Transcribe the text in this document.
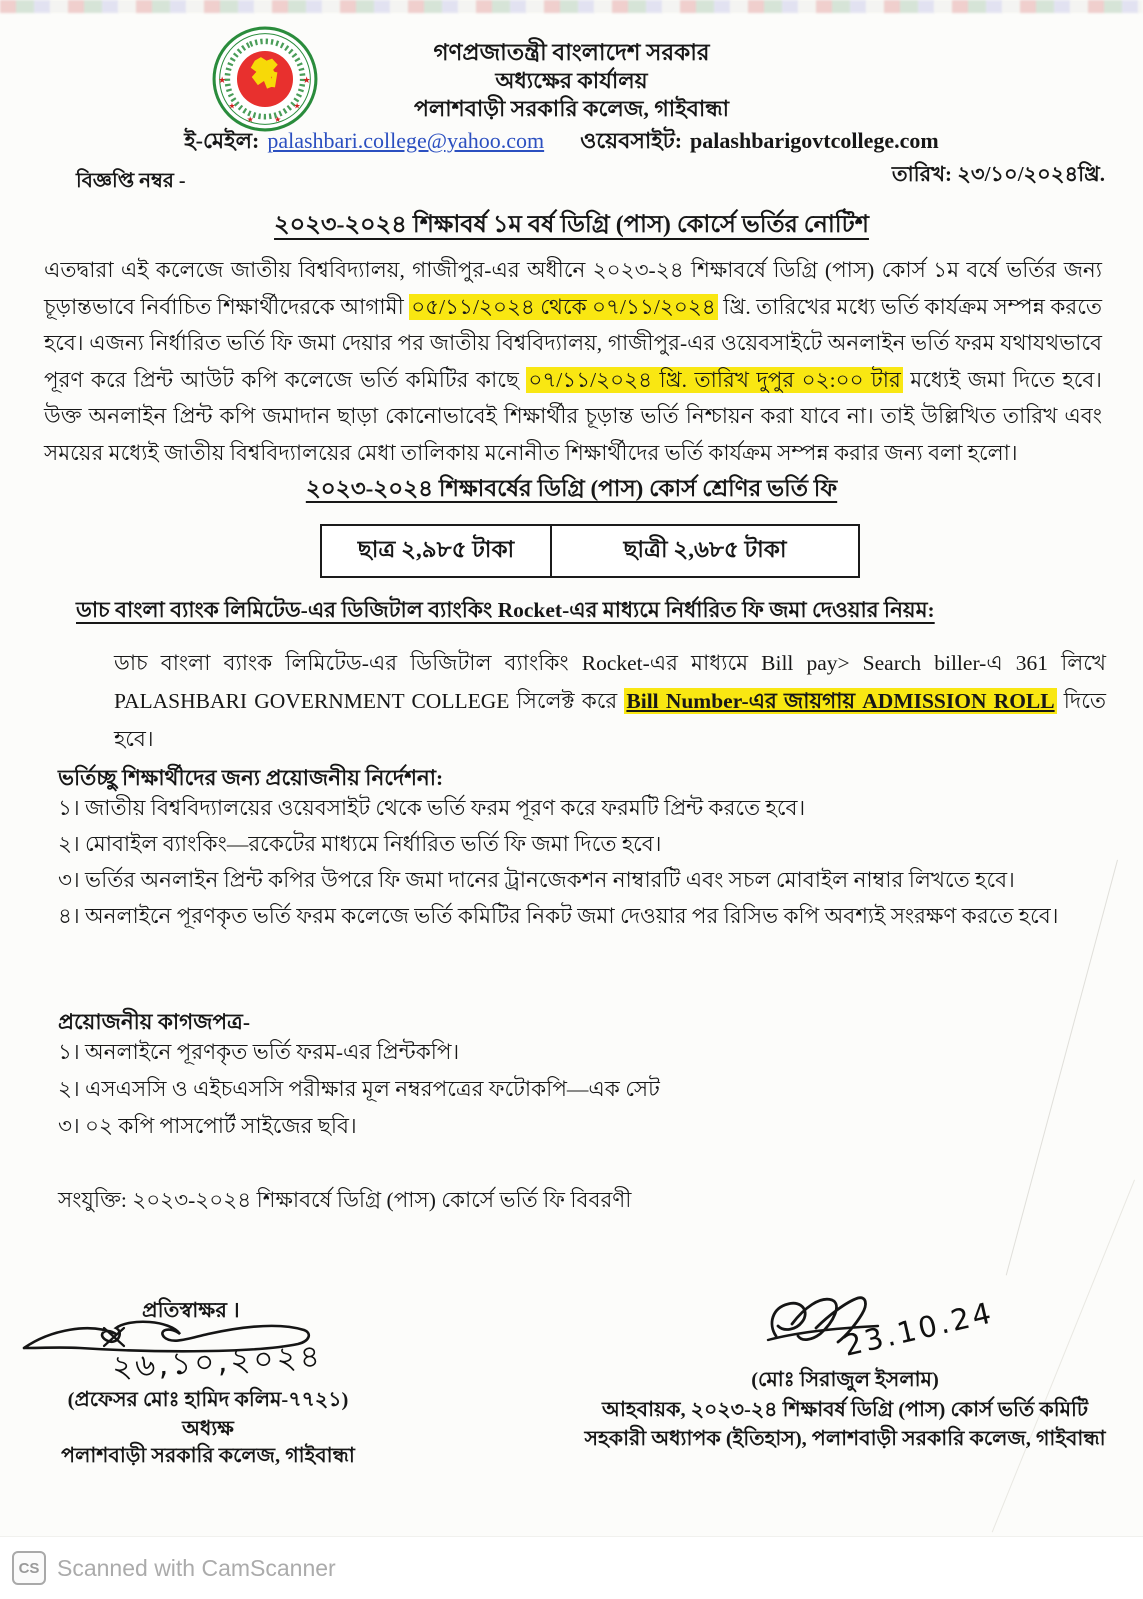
★	★
★	★
★	★
গণপ্রজাতন্ত্রী বাংলাদেশ সরকার
অধ্যক্ষের কার্যালয়
পলাশবাড়ী সরকারি কলেজ, গাইবান্ধা
ই-মেইল: palashbari.college@yahoo.com ওয়েবসাইট: palashbarigovtcollege.com
বিজ্ঞপ্তি নম্বর -	তারিখ: ২৩/১০/২০২৪খ্রি.
২০২৩-২০২৪ শিক্ষাবর্ষ ১ম বর্ষ ডিগ্রি (পাস) কোর্সে ভর্তির নোটিশ

এতদ্বারা এই কলেজে জাতীয় বিশ্ববিদ্যালয়, গাজীপুর-এর অধীনে ২০২৩-২৪ শিক্ষাবর্ষে ডিগ্রি (পাস) কোর্স ১ম বর্ষে ভর্তির জন্য চূড়ান্তভাবে নির্বাচিত শিক্ষার্থীদেরকে আগামী ০৫/১১/২০২৪ থেকে ০৭/১১/২০২৪ খ্রি. তারিখের মধ্যে ভর্তি কার্যক্রম সম্পন্ন করতে হবে। এজন্য নির্ধারিত ভর্তি ফি জমা দেয়ার পর জাতীয় বিশ্ববিদ্যালয়, গাজীপুর-এর ওয়েবসাইটে অনলাইন ভর্তি ফরম যথাযথভাবে পূরণ করে প্রিন্ট আউট কপি কলেজে ভর্তি কমিটির কাছে ০৭/১১/২০২৪ খ্রি. তারিখ দুপুর ০২:০০ টার মধ্যেই জমা দিতে হবে। উক্ত অনলাইন প্রিন্ট কপি জমাদান ছাড়া কোনোভাবেই শিক্ষার্থীর চূড়ান্ত ভর্তি নিশ্চায়ন করা যাবে না। তাই উল্লিখিত তারিখ এবং সময়ের মধ্যেই জাতীয় বিশ্ববিদ্যালয়ের মেধা তালিকায় মনোনীত শিক্ষার্থীদের ভর্তি কার্যক্রম সম্পন্ন করার জন্য বলা হলো।

২০২৩-২০২৪ শিক্ষাবর্ষের ডিগ্রি (পাস) কোর্স শ্রেণির ভর্তি ফি
ছাত্র ২,৯৮৫ টাকা	ছাত্রী ২,৬৮৫ টাকা
ডাচ বাংলা ব্যাংক লিমিটেড-এর ডিজিটাল ব্যাংকিং Rocket-এর মাধ্যমে নির্ধারিত ফি জমা দেওয়ার নিয়ম:

ডাচ বাংলা ব্যাংক লিমিটেড-এর ডিজিটাল ব্যাংকিং Rocket-এর মাধ্যমে Bill pay> Search biller-এ 361 লিখে PALASHBARI GOVERNMENT COLLEGE সিলেক্ট করে Bill Number-এর জায়গায় ADMISSION ROLL দিতে হবে।

ভর্তিচ্ছু শিক্ষার্থীদের জন্য প্রয়োজনীয় নির্দেশনা:
১। জাতীয় বিশ্ববিদ্যালয়ের ওয়েবসাইট থেকে ভর্তি ফরম পূরণ করে ফরমটি প্রিন্ট করতে হবে।
২। মোবাইল ব্যাংকিং—রকেটের মাধ্যমে নির্ধারিত ভর্তি ফি জমা দিতে হবে।
৩। ভর্তির অনলাইন প্রিন্ট কপির উপরে ফি জমা দানের ট্রানজেকশন নাম্বারটি এবং সচল মোবাইল নাম্বার লিখতে হবে।
৪। অনলাইনে পূরণকৃত ভর্তি ফরম কলেজে ভর্তি কমিটির নিকট জমা দেওয়ার পর রিসিভ কপি অবশ্যই সংরক্ষণ করতে হবে।
প্রয়োজনীয় কাগজপত্র-
১। অনলাইনে পূরণকৃত ভর্তি ফরম-এর প্রিন্টকপি।
২। এসএসসি ও এইচএসসি পরীক্ষার মূল নম্বরপত্রের ফটোকপি—এক সেট
৩। ০২ কপি পাসপোর্ট সাইজের ছবি।
সংযুক্তি: ২০২৩-২০২৪ শিক্ষাবর্ষে ডিগ্রি (পাস) কোর্সে ভর্তি ফি বিবরণী
প্রতিস্বাক্ষর ।
২৬,১০,২০২৪
(প্রফেসর মোঃ হামিদ কলিম-৭৭২১)
অধ্যক্ষ
পলাশবাড়ী সরকারি কলেজ, গাইবান্ধা
23.10.24
(মোঃ সিরাজুল ইসলাম)
আহবায়ক, ২০২৩-২৪ শিক্ষাবর্ষ ডিগ্রি (পাস) কোর্স ভর্তি কমিটি
সহকারী অধ্যাপক (ইতিহাস), পলাশবাড়ী সরকারি কলেজ, গাইবান্ধা
CS Scanned with CamScanner
